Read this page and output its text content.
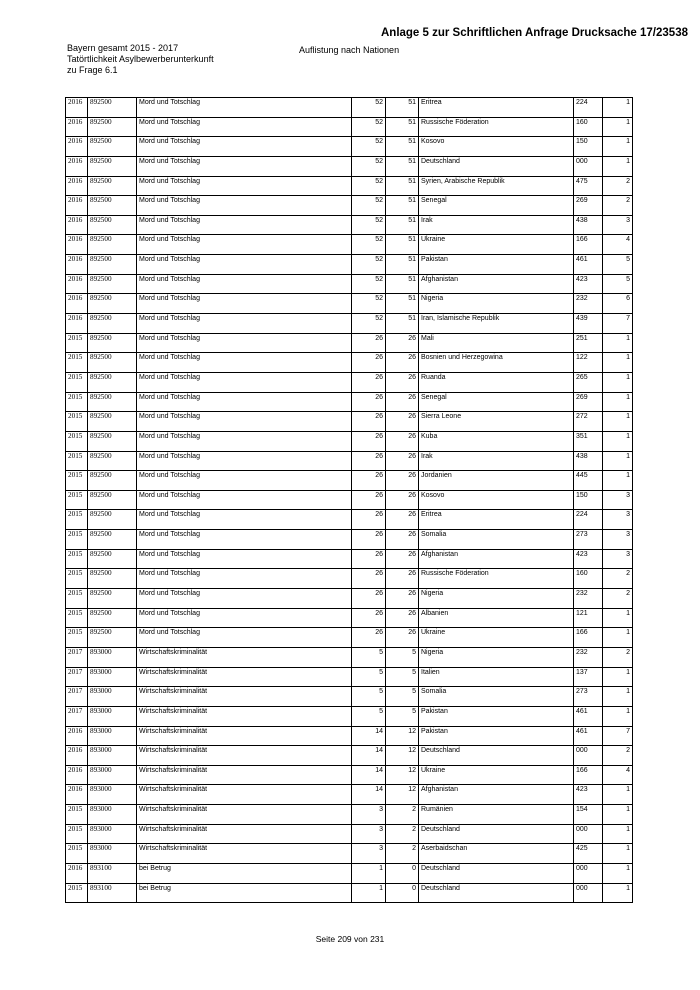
Anlage 5 zur Schriftlichen Anfrage Drucksache 17/23538
Bayern gesamt 2015 - 2017
Tatörtlichkeit Asylbewerberunterkunft
zu Frage 6.1
Auflistung nach Nationen
2016	892500	Mord und Totschlag	52	51	Eritrea	224	1
2016	892500	Mord und Totschlag	52	51	Russische Föderation	160	1
2016	892500	Mord und Totschlag	52	51	Kosovo	150	1
2016	892500	Mord und Totschlag	52	51	Deutschland	000	1
2016	892500	Mord und Totschlag	52	51	Syrien, Arabische Republik	475	2
2016	892500	Mord und Totschlag	52	51	Senegal	269	2
2016	892500	Mord und Totschlag	52	51	Irak	438	3
2016	892500	Mord und Totschlag	52	51	Ukraine	166	4
2016	892500	Mord und Totschlag	52	51	Pakistan	461	5
2016	892500	Mord und Totschlag	52	51	Afghanistan	423	5
2016	892500	Mord und Totschlag	52	51	Nigeria	232	6
2016	892500	Mord und Totschlag	52	51	Iran, Islamische Republik	439	7
2015	892500	Mord und Totschlag	26	26	Mali	251	1
2015	892500	Mord und Totschlag	26	26	Bosnien und Herzegowina	122	1
2015	892500	Mord und Totschlag	26	26	Ruanda	265	1
2015	892500	Mord und Totschlag	26	26	Senegal	269	1
2015	892500	Mord und Totschlag	26	26	Sierra Leone	272	1
2015	892500	Mord und Totschlag	26	26	Kuba	351	1
2015	892500	Mord und Totschlag	26	26	Irak	438	1
2015	892500	Mord und Totschlag	26	26	Jordanien	445	1
2015	892500	Mord und Totschlag	26	26	Kosovo	150	3
2015	892500	Mord und Totschlag	26	26	Eritrea	224	3
2015	892500	Mord und Totschlag	26	26	Somalia	273	3
2015	892500	Mord und Totschlag	26	26	Afghanistan	423	3
2015	892500	Mord und Totschlag	26	26	Russische Föderation	160	2
2015	892500	Mord und Totschlag	26	26	Nigeria	232	2
2015	892500	Mord und Totschlag	26	26	Albanien	121	1
2015	892500	Mord und Totschlag	26	26	Ukraine	166	1
2017	893000	Wirtschaftskriminalität	5	5	Nigeria	232	2
2017	893000	Wirtschaftskriminalität	5	5	Italien	137	1
2017	893000	Wirtschaftskriminalität	5	5	Somalia	273	1
2017	893000	Wirtschaftskriminalität	5	5	Pakistan	461	1
2016	893000	Wirtschaftskriminalität	14	12	Pakistan	461	7
2016	893000	Wirtschaftskriminalität	14	12	Deutschland	000	2
2016	893000	Wirtschaftskriminalität	14	12	Ukraine	166	4
2016	893000	Wirtschaftskriminalität	14	12	Afghanistan	423	1
2015	893000	Wirtschaftskriminalität	3	2	Rumänien	154	1
2015	893000	Wirtschaftskriminalität	3	2	Deutschland	000	1
2015	893000	Wirtschaftskriminalität	3	2	Aserbaidschan	425	1
2016	893100	bei Betrug	1	0	Deutschland	000	1
2015	893100	bei Betrug	1	0	Deutschland	000	1
Seite 209 von 231
